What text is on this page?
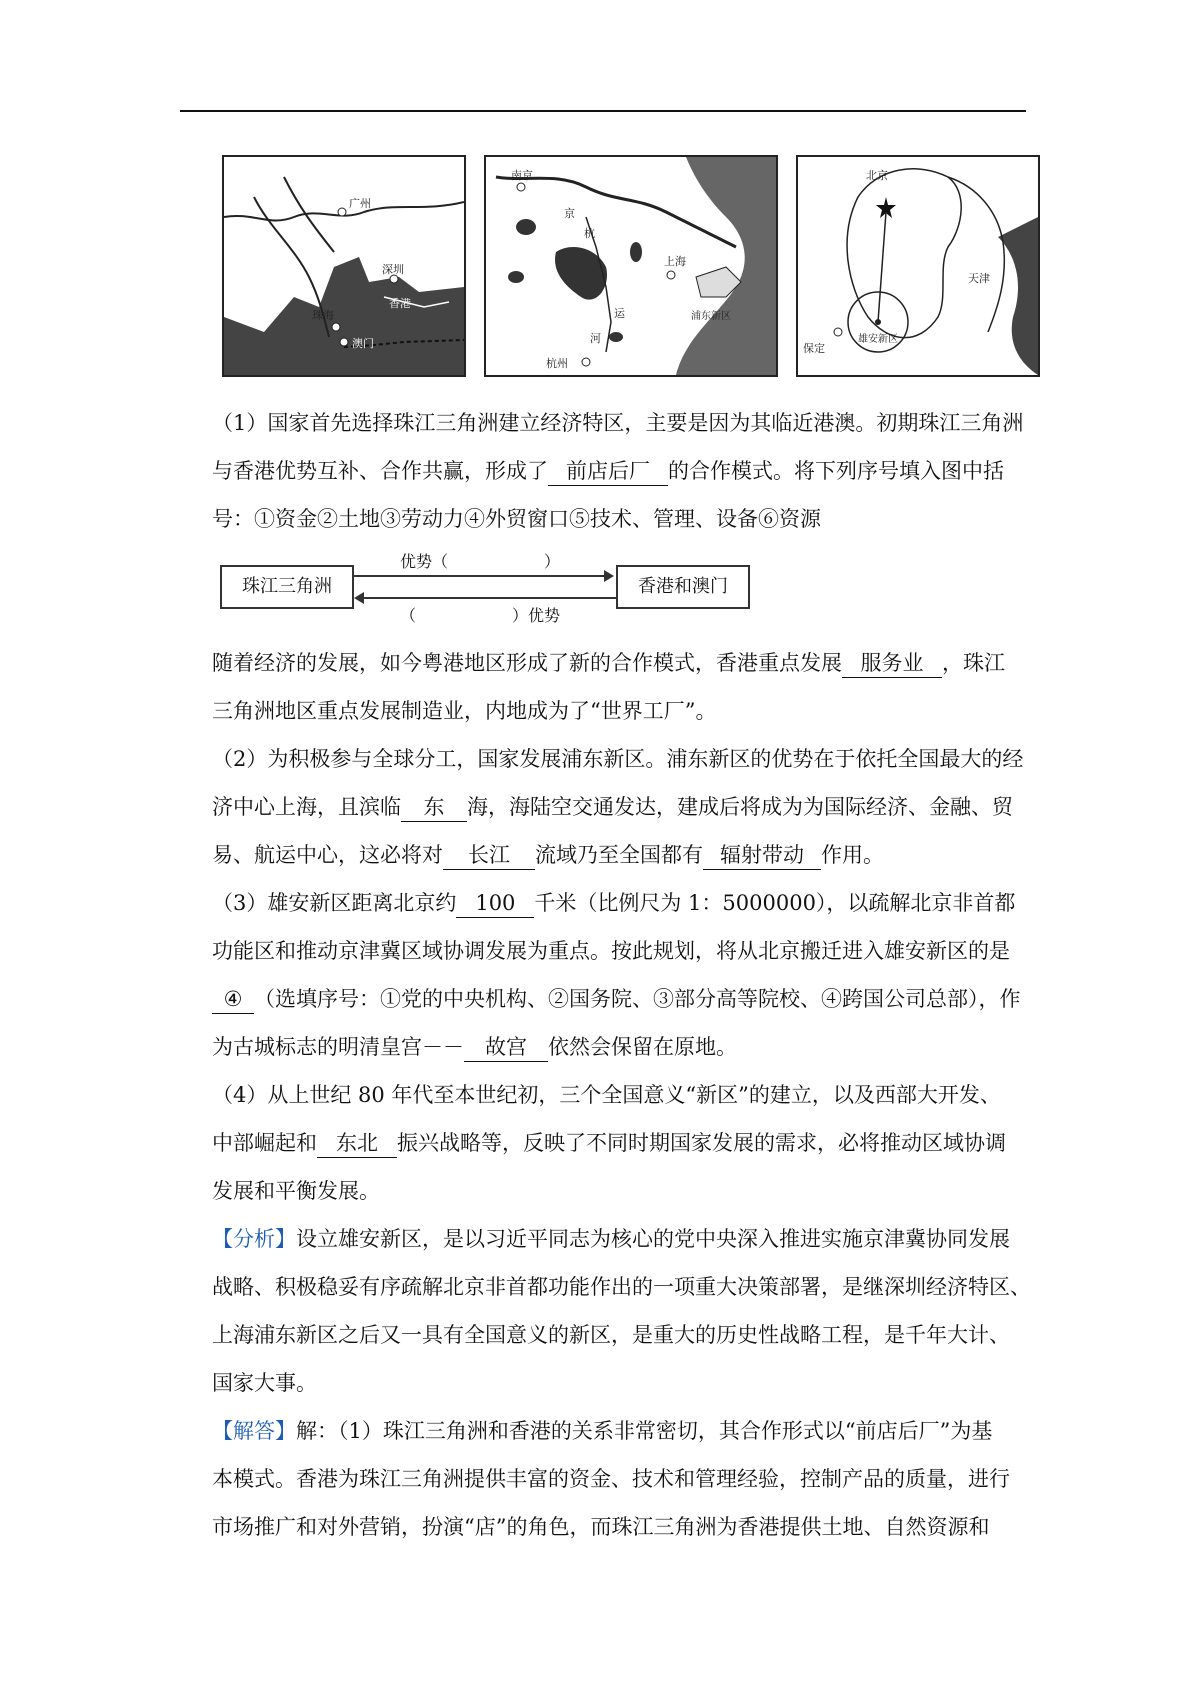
广州
深圳
珠海
澳门
香港
南京
京
杭
运
河
上海
浦东新区
杭州
北京
雄安新区
保定
天津
（1）国家首先选择珠江三角洲建立经济特区，主要是因为其临近港澳。初期珠江三角洲
与香港优势互补、合作共赢，形成了 前店后厂 的合作模式。将下列序号填入图中括
号：①资金②土地③劳动力④外贸窗口⑤技术、管理、设备⑥资源
珠江三角洲	香港和澳门
优势（　　　　　　）
（　　　　　　）优势
随着经济的发展，如今粤港地区形成了新的合作模式，香港重点发展 服务业 ，珠江
三角洲地区重点发展制造业，内地成为了“世界工厂”。
（2）为积极参与全球分工，国家发展浦东新区。浦东新区的优势在于依托全国最大的经
济中心上海，且滨临 东 海，海陆空交通发达，建成后将成为为国际经济、金融、贸
易、航运中心，这必将对 长江 流域乃至全国都有 辐射带动 作用。
（3）雄安新区距离北京约 100 千米（比例尺为 1：5000000），以疏解北京非首都
功能区和推动京津冀区域协调发展为重点。按此规划，将从北京搬迁进入雄安新区的是
④ （选填序号：①党的中央机构、②国务院、③部分高等院校、④跨国公司总部），作
为古城标志的明清皇宫－－ 故宫 依然会保留在原地。
（4）从上世纪 80 年代至本世纪初，三个全国意义“新区”的建立，以及西部大开发、
中部崛起和 东北 振兴战略等，反映了不同时期国家发展的需求，必将推动区域协调
发展和平衡发展。
【分析】设立雄安新区，是以习近平同志为核心的党中央深入推进实施京津冀协同发展
战略、积极稳妥有序疏解北京非首都功能作出的一项重大决策部署，是继深圳经济特区、
上海浦东新区之后又一具有全国意义的新区，是重大的历史性战略工程，是千年大计、
国家大事。
【解答】解：（1）珠江三角洲和香港的关系非常密切，其合作形式以“前店后厂”为基
本模式。香港为珠江三角洲提供丰富的资金、技术和管理经验，控制产品的质量，进行
市场推广和对外营销，扮演“店”的角色，而珠江三角洲为香港提供土地、自然资源和
